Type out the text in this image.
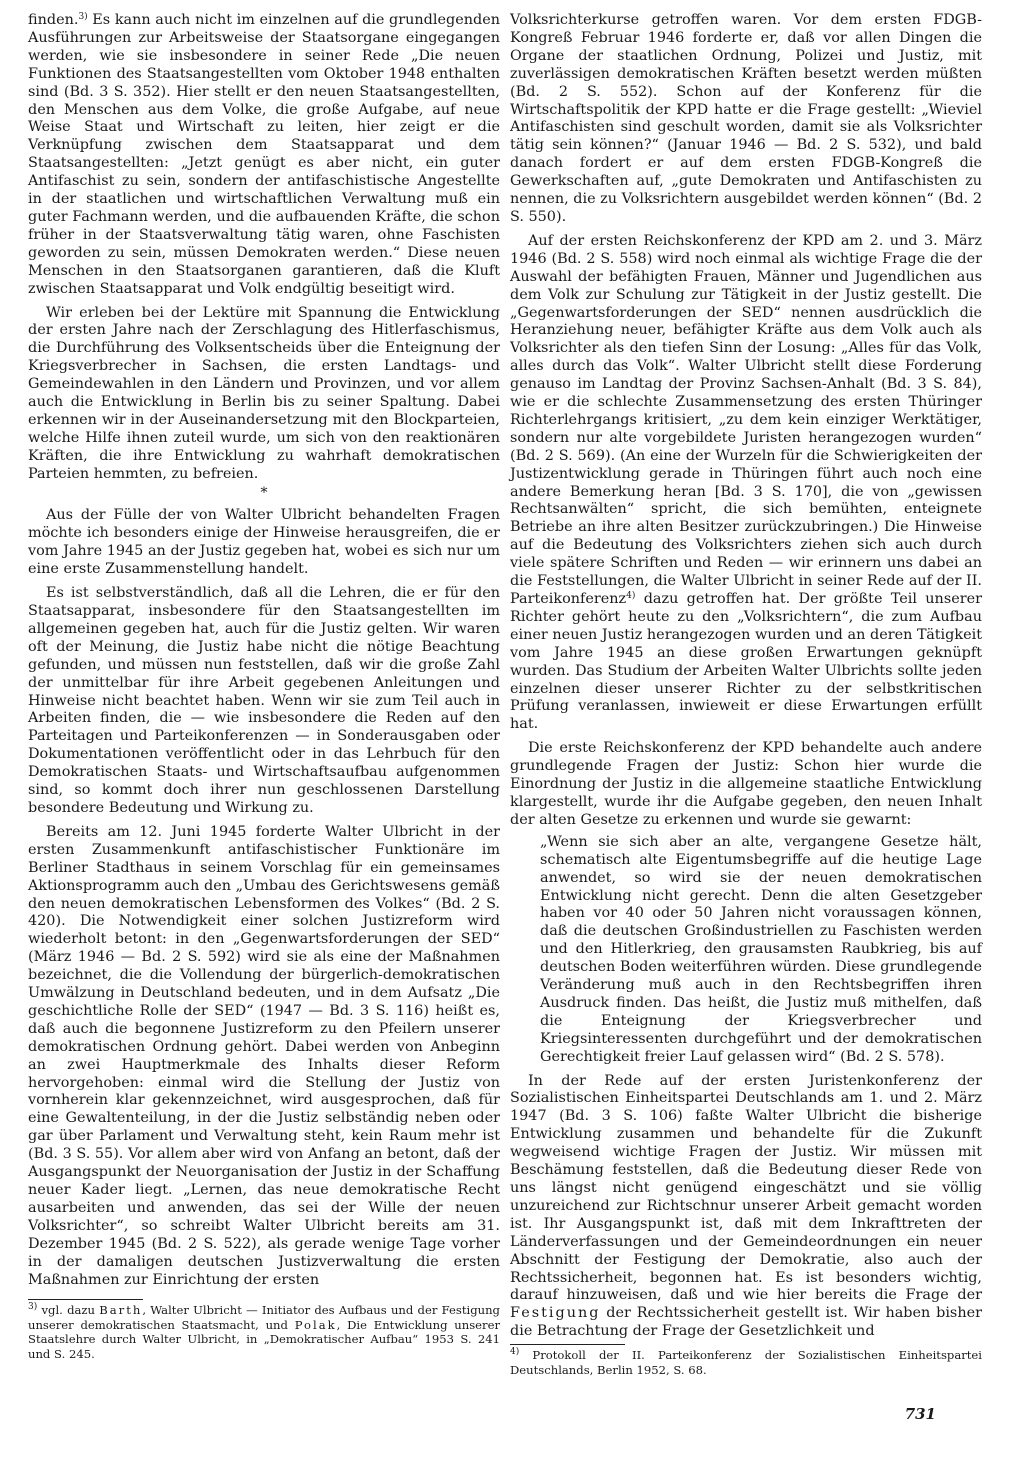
finden.$^{3)}$ Es kann auch nicht im einzelnen auf die grundlegenden Ausführungen zur Arbeitsweise der Staatsorgane eingegangen werden, wie sie insbesondere in seiner Rede „Die neuen Funktionen des Staatsangestellten vom Oktober 1948 enthalten sind (Bd. 3 S. 352). Hier stellt er den neuen Staatsangestellten, den Menschen aus dem Volke, die große Aufgabe, auf neue Weise Staat und Wirtschaft zu leiten, hier zeigt er die Verknüpfung zwischen dem Staatsapparat und dem Staatsangestellten: „Jetzt genügt es aber nicht, ein guter Antifaschist zu sein, sondern der antifaschistische Angestellte in der staatlichen und wirtschaftlichen Verwaltung muß ein guter Fachmann werden, und die aufbauenden Kräfte, die schon früher in der Staatsverwaltung tätig waren, ohne Faschisten geworden zu sein, müssen Demokraten werden.“ Diese neuen Menschen in den Staatsorganen garantieren, daß die Kluft zwischen Staatsapparat und Volk endgültig beseitigt wird.

Wir erleben bei der Lektüre mit Spannung die Entwicklung der ersten Jahre nach der Zerschlagung des Hitlerfaschismus, die Durchführung des Volksentscheids über die Enteignung der Kriegsverbrecher in Sachsen, die ersten Landtags- und Gemeindewahlen in den Ländern und Provinzen, und vor allem auch die Entwicklung in Berlin bis zu seiner Spaltung. Dabei erkennen wir in der Auseinandersetzung mit den Blockparteien, welche Hilfe ihnen zuteil wurde, um sich von den reaktionären Kräften, die ihre Entwicklung zu wahrhaft demokratischen Parteien hemmten, zu befreien.

*

Aus der Fülle der von Walter Ulbricht behandelten Fragen möchte ich besonders einige der Hinweise herausgreifen, die er vom Jahre 1945 an der Justiz gegeben hat, wobei es sich nur um eine erste Zusammenstellung handelt.

Es ist selbstverständlich, daß all die Lehren, die er für den Staatsapparat, insbesondere für den Staatsangestellten im allgemeinen gegeben hat, auch für die Justiz gelten. Wir waren oft der Meinung, die Justiz habe nicht die nötige Beachtung gefunden, und müssen nun feststellen, daß wir die große Zahl der unmittelbar für ihre Arbeit gegebenen Anleitungen und Hinweise nicht beachtet haben. Wenn wir sie zum Teil auch in Arbeiten finden, die — wie insbesondere die Reden auf den Parteitagen und Parteikonferenzen — in Sonderausgaben oder Dokumentationen veröffentlicht oder in das Lehrbuch für den Demokratischen Staats- und Wirtschaftsaufbau aufgenommen sind, so kommt doch ihrer nun geschlossenen Darstellung besondere Bedeutung und Wirkung zu.

Bereits am 12. Juni 1945 forderte Walter Ulbricht in der ersten Zusammenkunft antifaschistischer Funktionäre im Berliner Stadthaus in seinem Vorschlag für ein gemeinsames Aktionsprogramm auch den „Umbau des Gerichtswesens gemäß den neuen demokratischen Lebensformen des Volkes“ (Bd. 2 S. 420). Die Notwendigkeit einer solchen Justizreform wird wiederholt betont: in den „Gegenwartsforderungen der SED“ (März 1946 — Bd. 2 S. 592) wird sie als eine der Maßnahmen bezeichnet, die die Vollendung der bürgerlich-demokratischen Umwälzung in Deutschland bedeuten, und in dem Aufsatz „Die geschichtliche Rolle der SED“ (1947 — Bd. 3 S. 116) heißt es, daß auch die begonnene Justizreform zu den Pfeilern unserer demokratischen Ordnung gehört. Dabei werden von Anbeginn an zwei Hauptmerkmale des Inhalts dieser Reform hervorgehoben: einmal wird die Stellung der Justiz von vornherein klar gekennzeichnet, wird ausgesprochen, daß für eine Gewaltenteilung, in der die Justiz selbständig neben oder gar über Parlament und Verwaltung steht, kein Raum mehr ist (Bd. 3 S. 55). Vor allem aber wird von Anfang an betont, daß der Ausgangspunkt der Neuorganisation der Justiz in der Schaffung neuer Kader liegt. „Lernen, das neue demokratische Recht ausarbeiten und anwenden, das sei der Wille der neuen Volksrichter“, so schreibt Walter Ulbricht bereits am 31. Dezember 1945 (Bd. 2 S. 522), als gerade wenige Tage vorher in der damaligen deutschen Justizverwaltung die ersten Maßnahmen zur Einrichtung der ersten

Volksrichterkurse getroffen waren. Vor dem ersten FDGB-Kongreß Februar 1946 forderte er, daß vor allen Dingen die Organe der staatlichen Ordnung, Polizei und Justiz, mit zuverlässigen demokratischen Kräften besetzt werden müßten (Bd. 2 S. 552). Schon auf der Konferenz für die Wirtschaftspolitik der KPD hatte er die Frage gestellt: „Wieviel Antifaschisten sind geschult worden, damit sie als Volksrichter tätig sein können?“ (Januar 1946 — Bd. 2 S. 532), und bald danach fordert er auf dem ersten FDGB-Kongreß die Gewerkschaften auf, „gute Demokraten und Antifaschisten zu nennen, die zu Volksrichtern ausgebildet werden können“ (Bd. 2 S. 550).

Auf der ersten Reichskonferenz der KPD am 2. und 3. März 1946 (Bd. 2 S. 558) wird noch einmal als wichtige Frage die der Auswahl der befähigten Frauen, Männer und Jugendlichen aus dem Volk zur Schulung zur Tätigkeit in der Justiz gestellt. Die „Gegenwartsforderungen der SED“ nennen ausdrücklich die Heranziehung neuer, befähigter Kräfte aus dem Volk auch als Volksrichter als den tiefen Sinn der Losung: „Alles für das Volk, alles durch das Volk“. Walter Ulbricht stellt diese Forderung genauso im Landtag der Provinz Sachsen-Anhalt (Bd. 3 S. 84), wie er die schlechte Zusammensetzung des ersten Thüringer Richterlehrgangs kritisiert, „zu dem kein einziger Werktätiger, sondern nur alte vorgebildete Juristen herangezogen wurden“ (Bd. 2 S. 569). (An eine der Wurzeln für die Schwierigkeiten der Justizentwicklung gerade in Thüringen führt auch noch eine andere Bemerkung heran [Bd. 3 S. 170], die von „gewissen Rechtsanwälten“ spricht, die sich bemühten, enteignete Betriebe an ihre alten Besitzer zurückzubringen.) Die Hinweise auf die Bedeutung des Volksrichters ziehen sich auch durch viele spätere Schriften und Reden — wir erinnern uns dabei an die Feststellungen, die Walter Ulbricht in seiner Rede auf der II. Parteikonferenz$^{4)}$ dazu getroffen hat. Der größte Teil unserer Richter gehört heute zu den „Volksrichtern“, die zum Aufbau einer neuen Justiz herangezogen wurden und an deren Tätigkeit vom Jahre 1945 an diese großen Erwartungen geknüpft wurden. Das Studium der Arbeiten Walter Ulbrichts sollte jeden einzelnen dieser unserer Richter zu der selbstkritischen Prüfung veranlassen, inwieweit er diese Erwartungen erfüllt hat.

Die erste Reichskonferenz der KPD behandelte auch andere grundlegende Fragen der Justiz: Schon hier wurde die Einordnung der Justiz in die allgemeine staatliche Entwicklung klargestellt, wurde ihr die Aufgabe gegeben, den neuen Inhalt der alten Gesetze zu erkennen und wurde sie gewarnt:

„Wenn sie sich aber an alte, vergangene Gesetze hält, schematisch alte Eigentumsbegriffe auf die heutige Lage anwendet, so wird sie der neuen demokratischen Entwicklung nicht gerecht. Denn die alten Gesetzgeber haben vor 40 oder 50 Jahren nicht voraussagen können, daß die deutschen Großindustriellen zu Faschisten werden und den Hitlerkrieg, den grausamsten Raubkrieg, bis auf deutschen Boden weiterführen würden. Diese grundlegende Veränderung muß auch in den Rechtsbegriffen ihren Ausdruck finden. Das heißt, die Justiz muß mithelfen, daß die Enteignung der Kriegsverbrecher und Kriegsinteressenten durchgeführt und der demokratischen Gerechtigkeit freier Lauf gelassen wird“ (Bd. 2 S. 578).

In der Rede auf der ersten Juristenkonferenz der Sozialistischen Einheitspartei Deutschlands am 1. und 2. März 1947 (Bd. 3 S. 106) faßte Walter Ulbricht die bisherige Entwicklung zusammen und behandelte für die Zukunft wegweisend wichtige Fragen der Justiz. Wir müssen mit Beschämung feststellen, daß die Bedeutung dieser Rede von uns längst nicht genügend eingeschätzt und sie völlig unzureichend zur Richtschnur unserer Arbeit gemacht worden ist. Ihr Ausgangspunkt ist, daß mit dem Inkrafttreten der Länderverfassungen und der Gemeindeordnungen ein neuer Abschnitt der Festigung der Demokratie, also auch der Rechtssicherheit, begonnen hat. Es ist besonders wichtig, darauf hinzuweisen, daß und wie hier bereits die Frage der Festigung der Rechtssicherheit gestellt ist. Wir haben bisher die Betrachtung der Frage der Gesetzlichkeit und

$^{3)}$ vgl. dazu Barth, Walter Ulbricht — Initiator des Aufbaus und der Festigung unserer demokratischen Staatsmacht, und Polak, Die Entwicklung unserer Staatslehre durch Walter Ulbricht, in „Demokratischer Aufbau“ 1953 S. 241 und S. 245.	$^{4)}$ Protokoll der II. Parteikonferenz der Sozialistischen Einheitspartei Deutschlands, Berlin 1952, S. 68.

731
